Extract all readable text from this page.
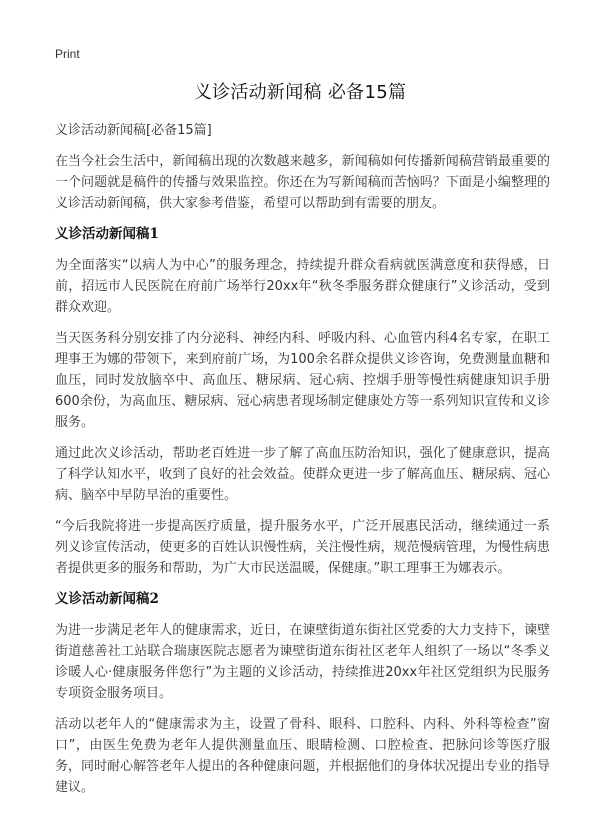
Print
义诊活动新闻稿 必备15篇
义诊活动新闻稿[必备15篇]
在当今社会生活中，新闻稿出现的次数越来越多，新闻稿如何传播新闻稿营销最重要的一个问题就是稿件的传播与效果监控。你还在为写新闻稿而苦恼吗？下面是小编整理的义诊活动新闻稿，供大家参考借鉴，希望可以帮助到有需要的朋友。
义诊活动新闻稿1
为全面落实“以病人为中心”的服务理念，持续提升群众看病就医满意度和获得感，日前，招远市人民医院在府前广场举行20xx年“秋冬季服务群众健康行”义诊活动，受到群众欢迎。
当天医务科分别安排了内分泌科、神经内科、呼吸内科、心血管内科4名专家，在职工理事王为娜的带领下，来到府前广场，为100余名群众提供义诊咨询，免费测量血糖和血压，同时发放脑卒中、高血压、糖尿病、冠心病、控烟手册等慢性病健康知识手册600余份，为高血压、糖尿病、冠心病患者现场制定健康处方等一系列知识宣传和义诊服务。
通过此次义诊活动，帮助老百姓进一步了解了高血压防治知识，强化了健康意识，提高了科学认知水平，收到了良好的社会效益。使群众更进一步了解高血压、糖尿病、冠心病、脑卒中早防早治的重要性。
“今后我院将进一步提高医疗质量，提升服务水平，广泛开展惠民活动，继续通过一系列义诊宣传活动，使更多的百姓认识慢性病，关注慢性病，规范慢病管理，为慢性病患者提供更多的服务和帮助，为广大市民送温暖，保健康。”职工理事王为娜表示。
义诊活动新闻稿2
为进一步满足老年人的健康需求，近日，在谏壁街道东街社区党委的大力支持下，谏壁街道慈善社工站联合瑞康医院志愿者为谏壁街道东街社区老年人组织了一场以“冬季义诊暖人心·健康服务伴您行”为主题的义诊活动，持续推进20xx年社区党组织为民服务专项资金服务项目。
活动以老年人的“健康需求为主，设置了骨科、眼科、口腔科、内科、外科等检查”窗口”，由医生免费为老年人提供测量血压、眼睛检测、口腔检查、把脉问诊等医疗服务，同时耐心解答老年人提出的各种健康问题，并根据他们的身体状况提出专业的指导建议。
